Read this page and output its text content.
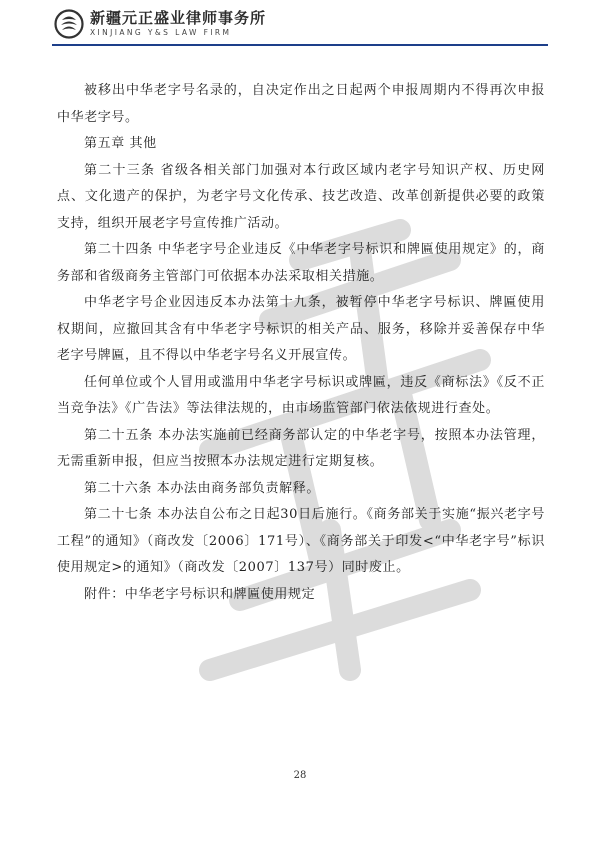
新疆元正盛业律师事务所
XINJIANG Y&S LAW FIRM

被移出中华老字号名录的，自决定作出之日起两个申报周期内不得再次申报中华老字号。

第五章 其他

第二十三条 省级各相关部门加强对本行政区域内老字号知识产权、历史网点、文化遗产的保护，为老字号文化传承、技艺改造、改革创新提供必要的政策支持，组织开展老字号宣传推广活动。

第二十四条 中华老字号企业违反《中华老字号标识和牌匾使用规定》的，商务部和省级商务主管部门可依据本办法采取相关措施。

中华老字号企业因违反本办法第十九条，被暂停中华老字号标识、牌匾使用权期间，应撤回其含有中华老字号标识的相关产品、服务，移除并妥善保存中华老字号牌匾，且不得以中华老字号名义开展宣传。

任何单位或个人冒用或滥用中华老字号标识或牌匾，违反《商标法》《反不正当竞争法》《广告法》等法律法规的，由市场监管部门依法依规进行查处。

第二十五条 本办法实施前已经商务部认定的中华老字号，按照本办法管理，无需重新申报，但应当按照本办法规定进行定期复核。

第二十六条 本办法由商务部负责解释。

第二十七条 本办法自公布之日起30日后施行。《商务部关于实施“振兴老字号工程”的通知》（商改发〔2006〕171号）、《商务部关于印发<“中华老字号”标识使用规定>的通知》（商改发〔2007〕137号）同时废止。

附件：中华老字号标识和牌匾使用规定

28
